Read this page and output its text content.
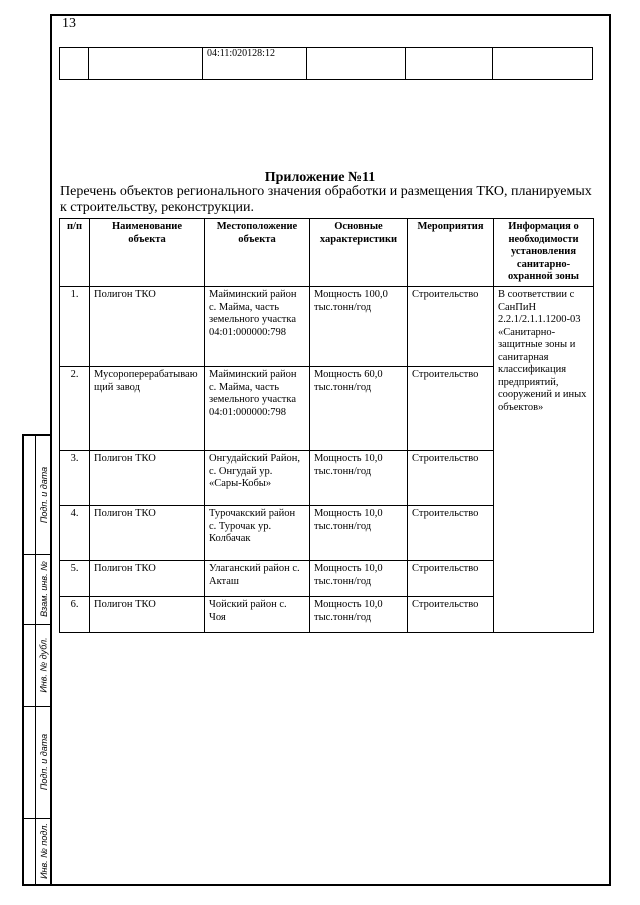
13
		04:11:020128:12			
Приложение №11
Перечень объектов регионального значения обработки и размещения ТКО, планируемых к строительству, реконструкции.
п/п	Наименование объекта	Местоположение объекта	Основные характеристики	Мероприятия	Информация о необходимости установления санитарно-охранной зоны
1.	Полигон ТКО	Майминский район с. Майма, часть земельного участка 04:01:000000:798	Мощность 100,0 тыс.тонн/год	Строительство	В соответствии с СанПиН 2.2.1/2.1.1.1200-03 «Санитарно-защитные зоны и санитарная классификация предприятий, сооружений и иных объектов»
2.	Мусороперерабатывающий завод	Майминский район с. Майма, часть земельного участка 04:01:000000:798	Мощность 60,0 тыс.тонн/год	Строительство	
3.	Полигон ТКО	Онгудайский Район, с. Онгудай ур. «Сары-Кобы»	Мощность 10,0 тыс.тонн/год	Строительство	
4.	Полигон ТКО	Турочакский район с. Турочак ур. Колбачак	Мощность 10,0 тыс.тонн/год	Строительство	
5.	Полигон ТКО	Улаганский район с. Акташ	Мощность 10,0 тыс.тонн/год	Строительство	
6.	Полигон ТКО	Чойский район с. Чоя	Мощность 10,0 тыс.тонн/год	Строительство	
Подп. и дата
Взам. инв. №
Инв. № дубл.
Подп. и дата
Инв. № подл.
